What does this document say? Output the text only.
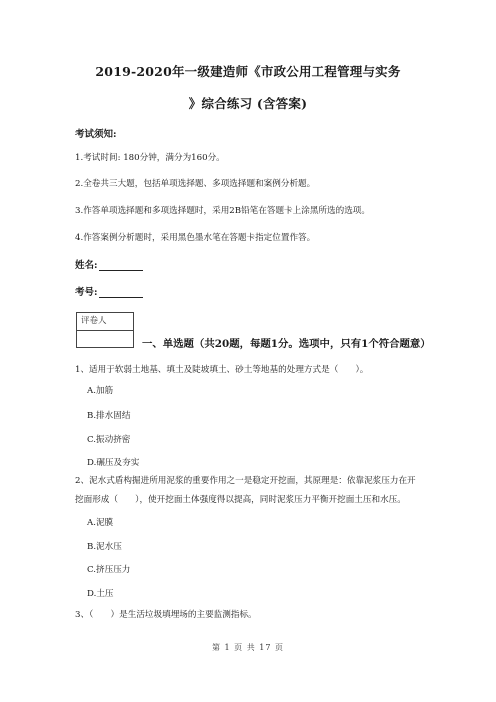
2019-2020年一级建造师《市政公用工程管理与实务
》综合练习 (含答案)
考试须知:
1.考试时间: 180分钟，满分为160分。
2.全卷共三大题，包括单项选择题、多项选择题和案例分析题。
3.作答单项选择题和多项选择题时，采用2B铅笔在答题卡上涂黑所选的选项。
4.作答案例分析题时，采用黑色墨水笔在答题卡指定位置作答。
姓名:
考号:
评卷人
一、单选题（共20题，每题1分。选项中，只有1个符合题意）
1、适用于软弱土地基、填土及陡坡填土、砂土等地基的处理方式是（　　）。
A.加筋
B.排水固结
C.振动挤密
D.碾压及夯实
2、泥水式盾构掘进所用泥浆的重要作用之一是稳定开挖面，其原理是：依靠泥浆压力在开
挖面形成（　　），使开挖面土体强度得以提高，同时泥浆压力平衡开挖面土压和水压。
A.泥膜
B.泥水压
C.挤压压力
D.土压
3、（　　）是生活垃圾填埋场的主要监测指标。
第 1 页 共 17 页
